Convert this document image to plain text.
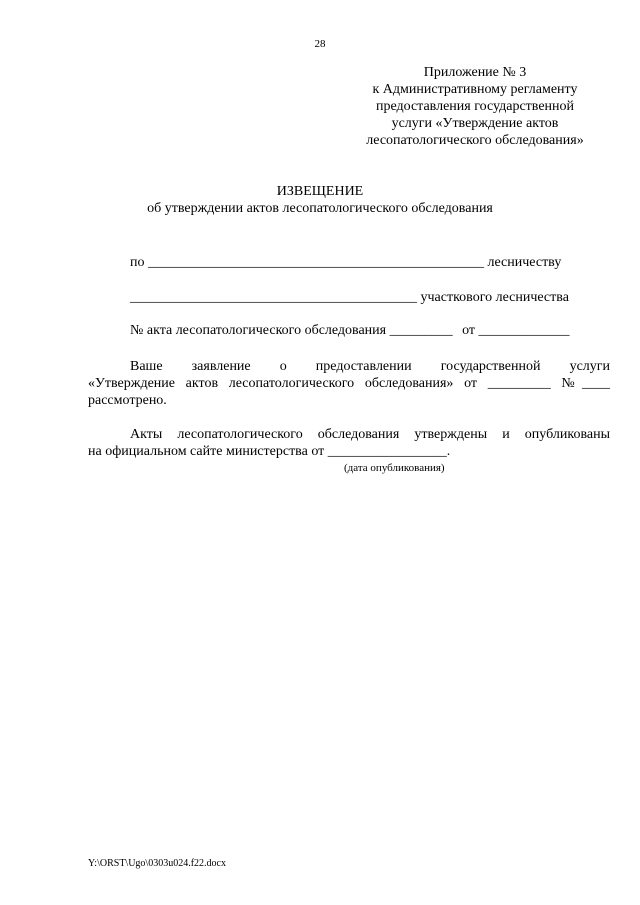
28
Приложение № 3
к Административному регламенту
предоставления государственной
услуги «Утверждение актов
лесопатологического обследования»
ИЗВЕЩЕНИЕ
об утверждении актов лесопатологического обследования
по ________________________________________________ лесничеству
_________________________________________ участкового лесничества
№ акта лесопатологического обследования _________ от _____________
Ваше заявление о предоставлении государственной услуги
«Утверждение актов лесопатологического обследования» от _________ №____
рассмотрено.
Акты лесопатологического обследования утверждены и опубликованы
на официальном сайте министерства от _________________.
(дата опубликования)
Y:\ORST\Ugo\0303u024.f22.docx
